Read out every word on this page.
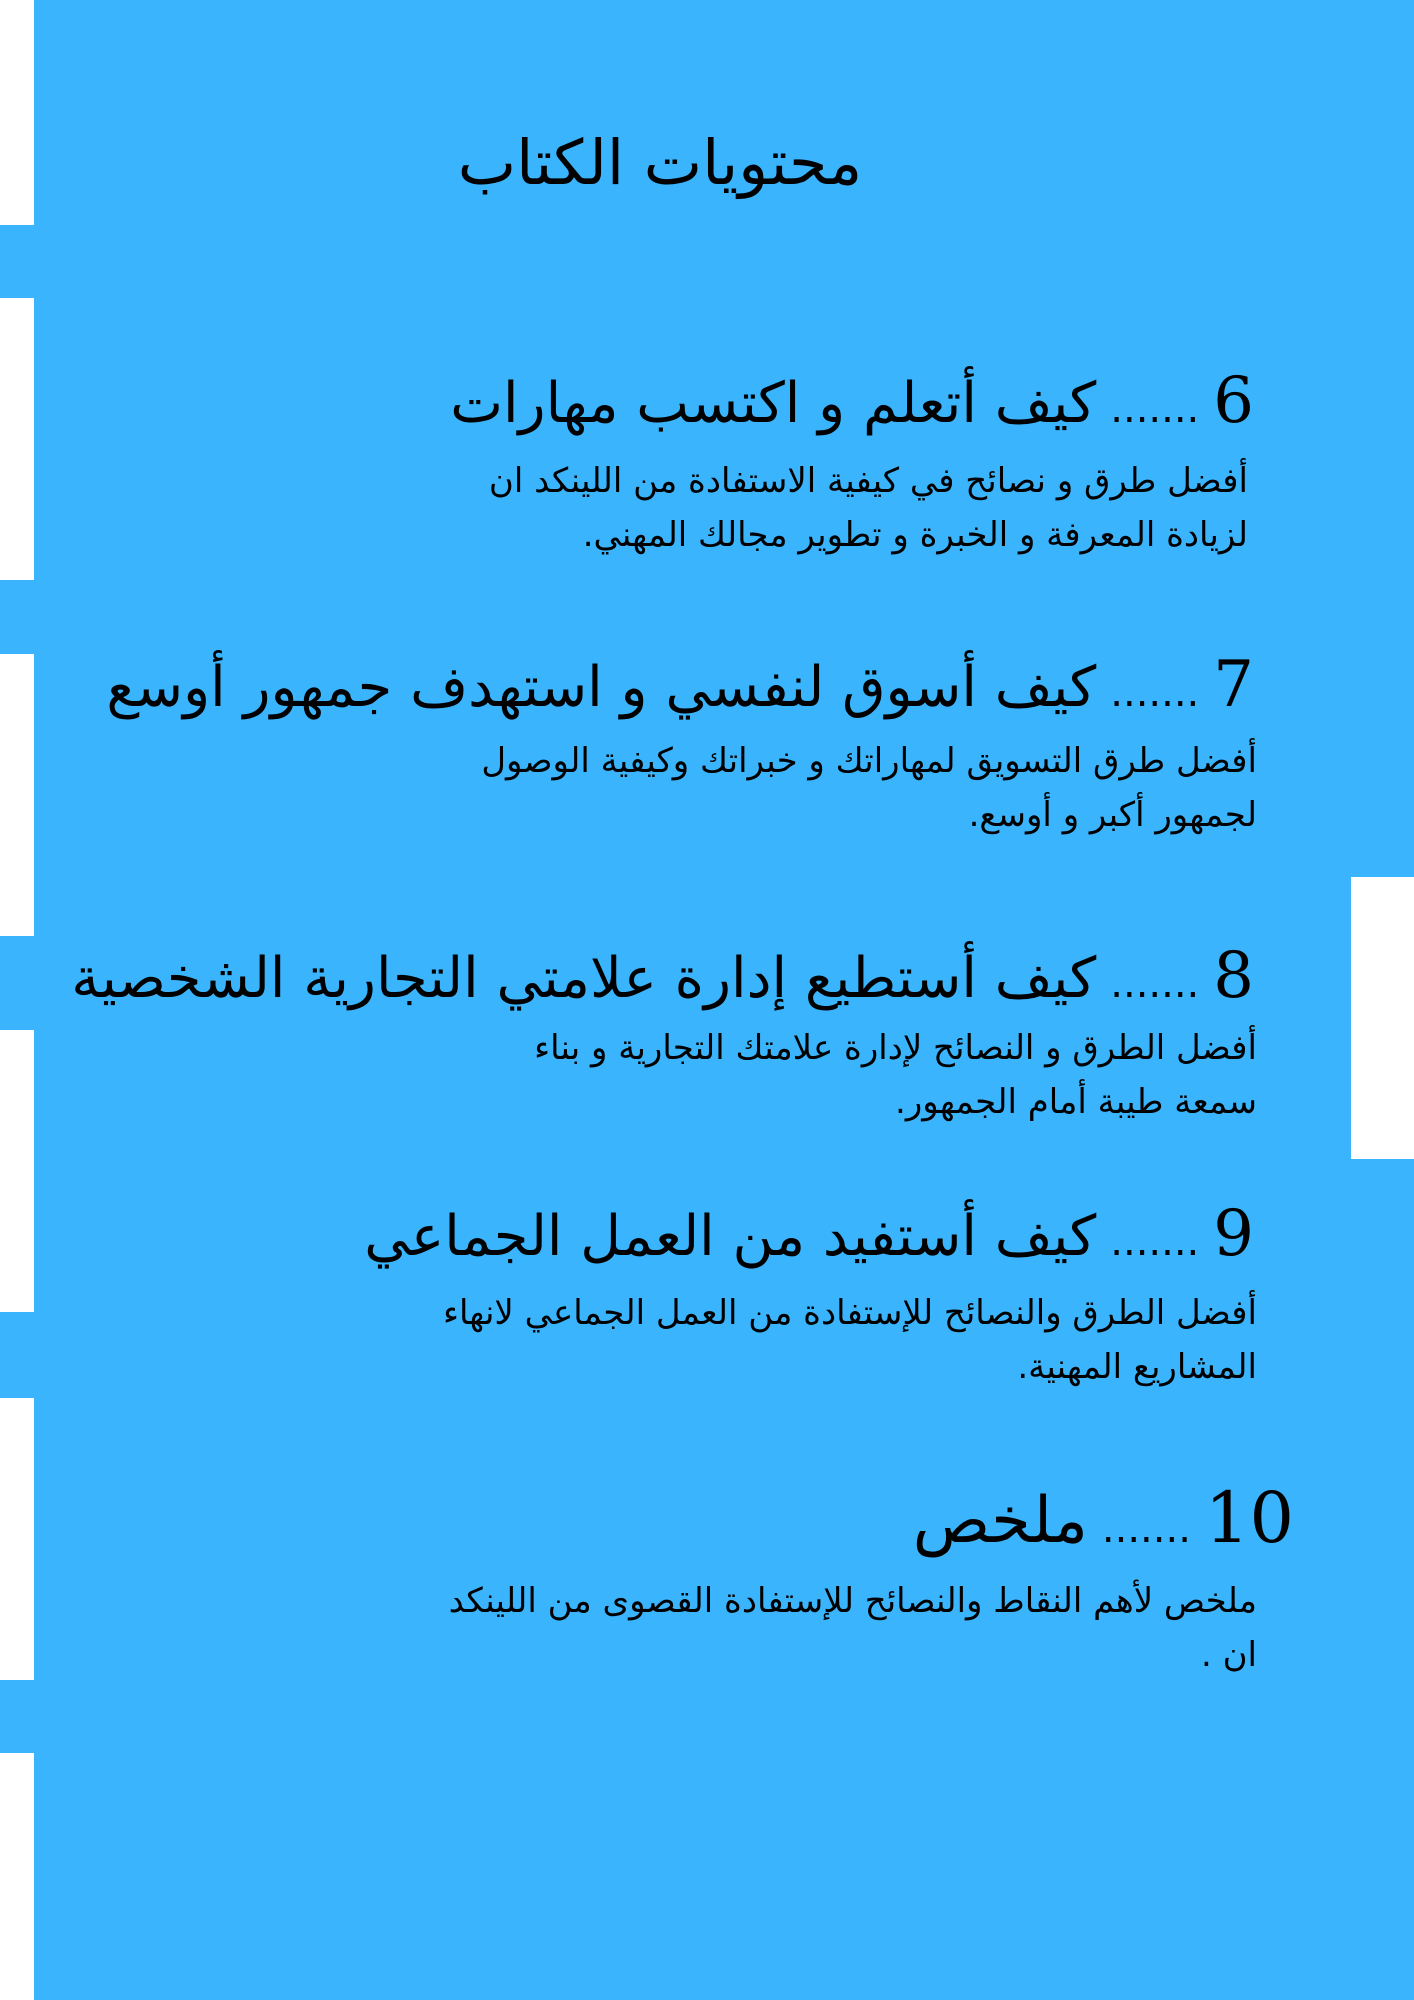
محتويات الكتاب
6.......كيف أتعلم و اكتسب مهارات
أفضل طرق و نصائح في كيفية الاستفادة من اللينكد ان
لزيادة المعرفة و الخبرة و تطوير مجالك المهني.
7.......كيف أسوق لنفسي و استهدف جمهور أوسع
أفضل طرق التسويق لمهاراتك و خبراتك وكيفية الوصول
لجمهور أكبر و أوسع.
8.......كيف أستطيع إدارة علامتي التجارية الشخصية
أفضل الطرق و النصائح لإدارة علامتك التجارية و بناء
سمعة طيبة أمام الجمهور.
9.......كيف أستفيد من العمل الجماعي
أفضل الطرق والنصائح للإستفادة من العمل الجماعي لانهاء
المشاريع المهنية.
10.......ملخص
ملخص لأهم النقاط والنصائح للإستفادة القصوى من اللينكد
ان .
